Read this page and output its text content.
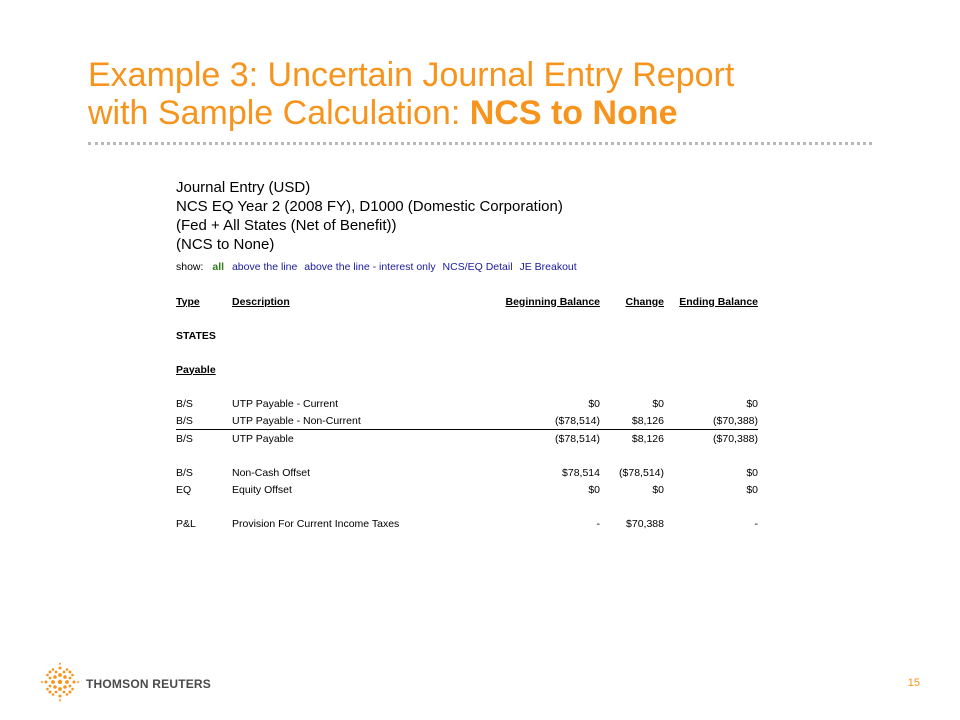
Example 3: Uncertain Journal Entry Report
with Sample Calculation: NCS to None
Journal Entry (USD)
NCS EQ Year 2 (2008 FY), D1000 (Domestic Corporation)
(Fed + All States (Net of Benefit))
(NCS to None)
show: all above the line above the line - interest only NCS/EQ Detail JE Breakout
Type	Description	Beginning Balance	Change	Ending Balance

STATES				

Payable				

B/S	UTP Payable - Current	$0	$0	$0
B/S	UTP Payable - Non-Current	($78,514)	$8,126	($70,388)
B/S	UTP Payable	($78,514)	$8,126	($70,388)

B/S	Non-Cash Offset	$78,514	($78,514)	$0
EQ	Equity Offset	$0	$0	$0

P&L	Provision For Current Income Taxes	-	$70,388	-
THOMSON REUTERS	15
